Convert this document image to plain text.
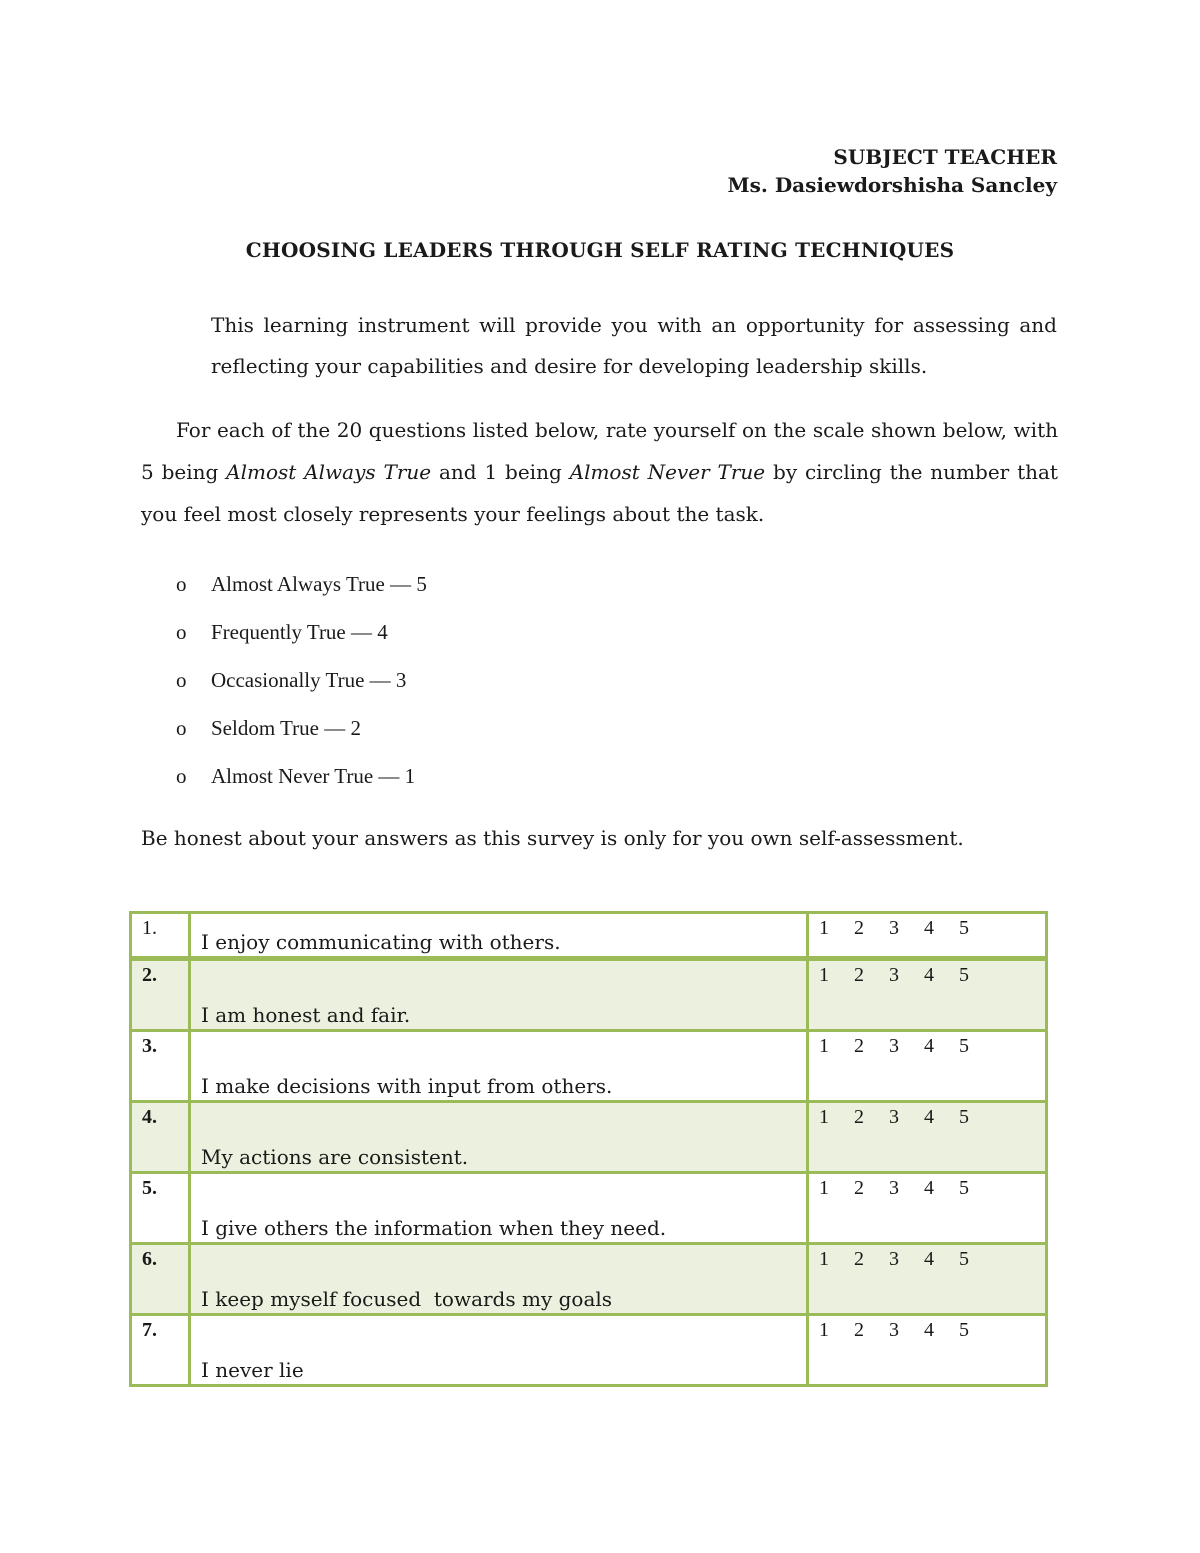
SUBJECT TEACHER
Ms. Dasiewdorshisha Sancley
CHOOSING LEADERS THROUGH SELF RATING TECHNIQUES
This learning instrument will provide you with an opportunity for assessing and reflecting your capabilities and desire for developing leadership skills.
For each of the 20 questions listed below, rate yourself on the scale shown below, with 5 being Almost Always True and 1 being Almost Never True by circling the number that you feel most closely represents your feelings about the task.
o	Almost Always True — 5
o	Frequently True — 4
o	Occasionally True — 3
o	Seldom True — 2
o	Almost Never True — 1
Be honest about your answers as this survey is only for you own self-assessment.
1.	I enjoy communicating with others.	1 2 3 4 5
2.	I am honest and fair.	1 2 3 4 5
3.	I make decisions with input from others.	1 2 3 4 5
4.	My actions are consistent.	1 2 3 4 5
5.	I give others the information when they need.	1 2 3 4 5
6.	I keep myself focused  towards my goals	1 2 3 4 5
7.	I never lie	1 2 3 4 5
